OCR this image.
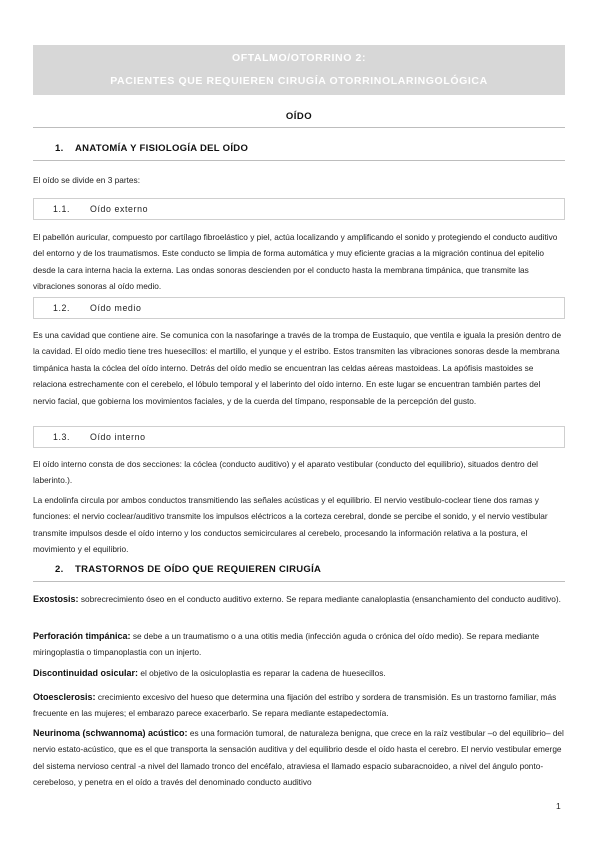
OFTALMO/OTORRINO 2:
PACIENTES QUE REQUIEREN CIRUGÍA OTORRINOLARINGOLÓGICA
OÍDO
1. ANATOMÍA Y FISIOLOGÍA DEL OÍDO
El oído se divide en 3 partes:
1.1. Oído externo
El pabellón auricular, compuesto por cartílago fibroelástico y piel, actúa localizando y amplificando el sonido y protegiendo el conducto auditivo del entorno y de los traumatismos. Este conducto se limpia de forma automática y muy eficiente gracias a la migración continua del epitelio desde la cara interna hacia la externa. Las ondas sonoras descienden por el conducto hasta la membrana timpánica, que transmite las vibraciones sonoras al oído medio.
1.2. Oído medio
Es una cavidad que contiene aire. Se comunica con la nasofaringe a través de la trompa de Eustaquio, que ventila e iguala la presión dentro de la cavidad. El oído medio tiene tres huesecillos: el martillo, el yunque y el estribo. Estos transmiten las vibraciones sonoras desde la membrana timpánica hasta la cóclea del oído interno. Detrás del oído medio se encuentran las celdas aéreas mastoideas. La apófisis mastoides se relaciona estrechamente con el cerebelo, el lóbulo temporal y el laberinto del oído interno. En este lugar se encuentran también partes del nervio facial, que gobierna los movimientos faciales, y de la cuerda del tímpano, responsable de la percepción del gusto.
1.3. Oído interno
El oído interno consta de dos secciones: la cóclea (conducto auditivo) y el aparato vestibular (conducto del equilibrio), situados dentro del laberinto.).
La endolinfa circula por ambos conductos transmitiendo las señales acústicas y el equilibrio. El nervio vestibulo-coclear tiene dos ramas y funciones: el nervio coclear/auditivo transmite los impulsos eléctricos a la corteza cerebral, donde se percibe el sonido, y el nervio vestibular transmite impulsos desde el oído interno y los conductos semicirculares al cerebelo, procesando la información relativa a la postura, el movimiento y el equilibrio.
2. TRASTORNOS DE OÍDO QUE REQUIEREN CIRUGÍA
Exostosis: sobrecrecimiento óseo en el conducto auditivo externo. Se repara mediante canaloplastia (ensanchamiento del conducto auditivo).
Perforación timpánica: se debe a un traumatismo o a una otitis media (infección aguda o crónica del oído medio). Se repara mediante miringoplastia o timpanoplastia con un injerto.
Discontinuidad osicular: el objetivo de la osiculoplastia es reparar la cadena de huesecillos.
Otoesclerosis: crecimiento excesivo del hueso que determina una fijación del estribo y sordera de transmisión. Es un trastorno familiar, más frecuente en las mujeres; el embarazo parece exacerbarlo. Se repara mediante estapedectomía.
Neurinoma (schwannoma) acústico: es una formación tumoral, de naturaleza benigna, que crece en la raíz vestibular –o del equilibrio– del nervio estato-acústico, que es el que transporta la sensación auditiva y del equilibrio desde el oído hasta el cerebro. El nervio vestibular emerge del sistema nervioso central -a nivel del llamado tronco del encéfalo, atraviesa el llamado espacio subaracnoideo, a nivel del ángulo ponto-cerebeloso, y penetra en el oído a través del denominado conducto auditivo
1
